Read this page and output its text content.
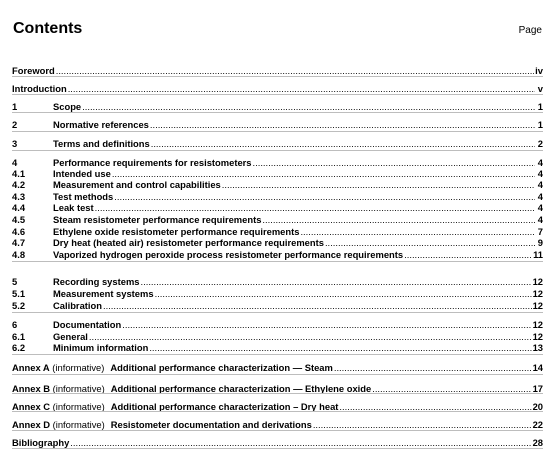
Contents	Page
Foreword .....	iv
Introduction .....	v
1	Scope .....	1
2	Normative references .....	1
3	Terms and definitions .....	2
4	Performance requirements for resistometers .....	4
4.1	Intended use .....	4
4.2	Measurement and control capabilities .....	4
4.3	Test methods .....	4
4.4	Leak test .....	4
4.5	Steam resistometer performance requirements .....	4
4.6	Ethylene oxide resistometer performance requirements .....	7
4.7	Dry heat (heated air) resistometer performance requirements .....	9
4.8	Vaporized hydrogen peroxide process resistometer performance requirements .....	11
5	Recording systems .....	12
5.1	Measurement systems .....	12
5.2	Calibration .....	12
6	Documentation .....	12
6.1	General .....	12
6.2	Minimum information .....	13
Annex A (informative) Additional performance characterization — Steam .....	14
Annex B (informative) Additional performance characterization — Ethylene oxide .....	17
Annex C (informative) Additional performance characterization – Dry heat .....	20
Annex D (informative) Resistometer documentation and derivations .....	22
Bibliography .....	28
